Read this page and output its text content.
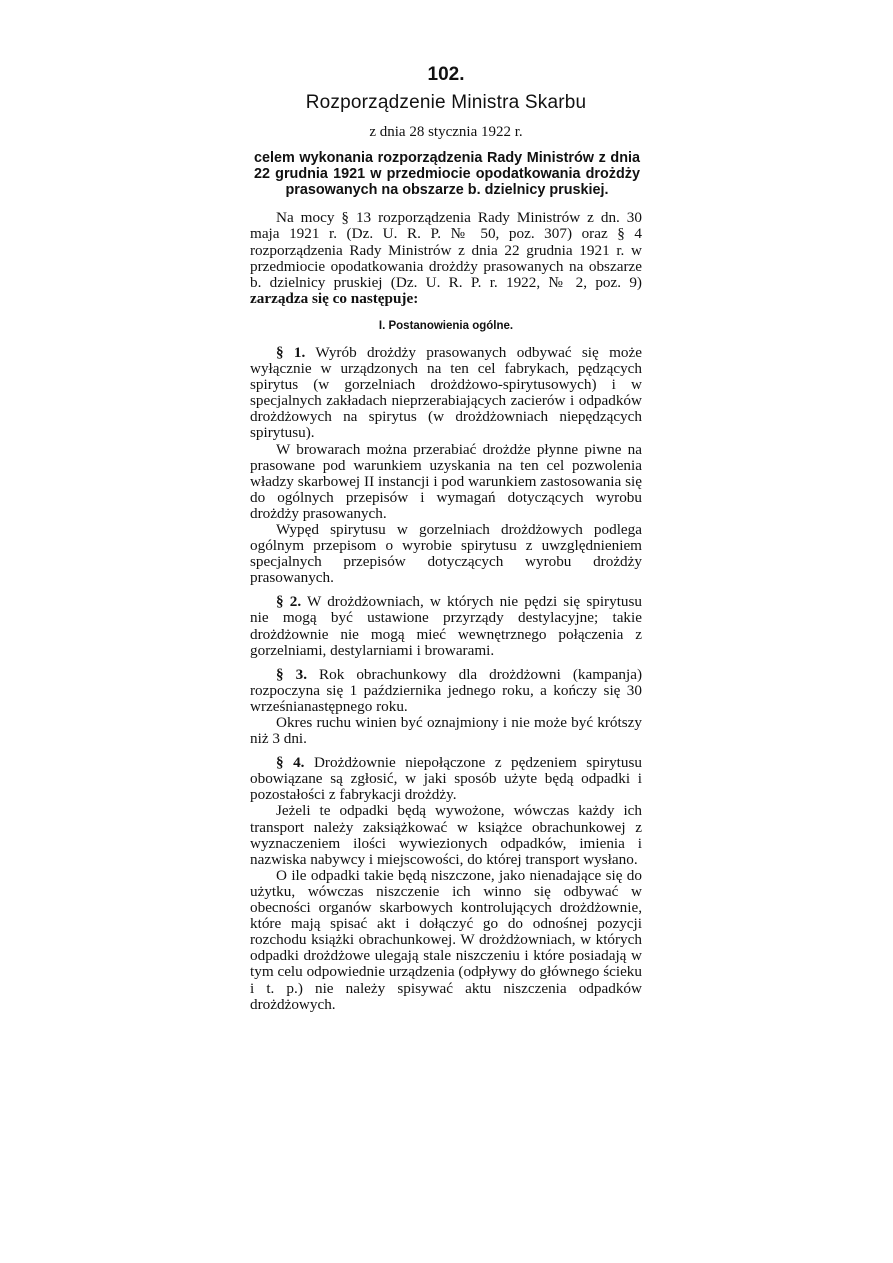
102.
Rozporządzenie Ministra Skarbu
z dnia 28 stycznia 1922 r.
celem wykonania rozporządzenia Rady Ministrów z dnia 22 grudnia 1921 w przedmiocie opodatkowania drożdży prasowanych na obszarze b. dzielnicy pruskiej.

Na mocy § 13 rozporządzenia Rady Ministrów z dn. 30 maja 1921 r. (Dz. U. R. P. № 50, poz. 307) oraz § 4 rozporządzenia Rady Ministrów z dnia 22 grudnia 1921 r. w przedmiocie opodatkowania drożdży prasowanych na obszarze b. dzielnicy pruskiej (Dz. U. R. P. r. 1922, № 2, poz. 9) zarządza się co następuje:

I. Postanowienia ogólne.

§ 1. Wyrób drożdży prasowanych odbywać się może wyłącznie w urządzonych na ten cel fabrykach, pędzących spirytus (w gorzelniach drożdżowo-spirytusowych) i w specjalnych zakładach nieprzerabiających zacierów i odpadków drożdżowych na spirytus (w drożdżowniach niepędzących spirytusu).

W browarach można przerabiać drożdże płynne piwne na prasowane pod warunkiem uzyskania na ten cel pozwolenia władzy skarbowej II instancji i pod warunkiem zastosowania się do ogólnych przepisów i wymagań dotyczących wyrobu drożdży prasowanych.

Wypęd spirytusu w gorzelniach drożdżowych podlega ogólnym przepisom o wyrobie spirytusu z uwzględnieniem specjalnych przepisów dotyczących wyrobu drożdży prasowanych.

§ 2. W drożdżowniach, w których nie pędzi się spirytusu nie mogą być ustawione przyrządy destylacyjne; takie drożdżownie nie mogą mieć wewnętrznego połączenia z gorzelniami, destylarniami i browarami.

§ 3. Rok obrachunkowy dla drożdżowni (kampanja) rozpoczyna się 1 października jednego roku, a kończy się 30 wrześnianastępnego roku.

Okres ruchu winien być oznajmiony i nie może być krótszy niż 3 dni.

§ 4. Drożdżownie niepołączone z pędzeniem spirytusu obowiązane są zgłosić, w jaki sposób użyte będą odpadki i pozostałości z fabrykacji drożdży.

Jeżeli te odpadki będą wywożone, wówczas każdy ich transport należy zaksiążkować w książce obrachunkowej z wyznaczeniem ilości wywiezionych odpadków, imienia i nazwiska nabywcy i miejscowości, do której transport wysłano.

O ile odpadki takie będą niszczone, jako nienadające się do użytku, wówczas niszczenie ich winno się odbywać w obecności organów skarbowych kontrolujących drożdżownie, które mają spisać akt i dołączyć go do odnośnej pozycji rozchodu książki obrachunkowej. W drożdżowniach, w których odpadki drożdżowe ulegają stale niszczeniu i które posiadają w tym celu odpowiednie urządzenia (odpływy do głównego ścieku i t. p.) nie należy spisywać aktu niszczenia odpadków drożdżowych.
